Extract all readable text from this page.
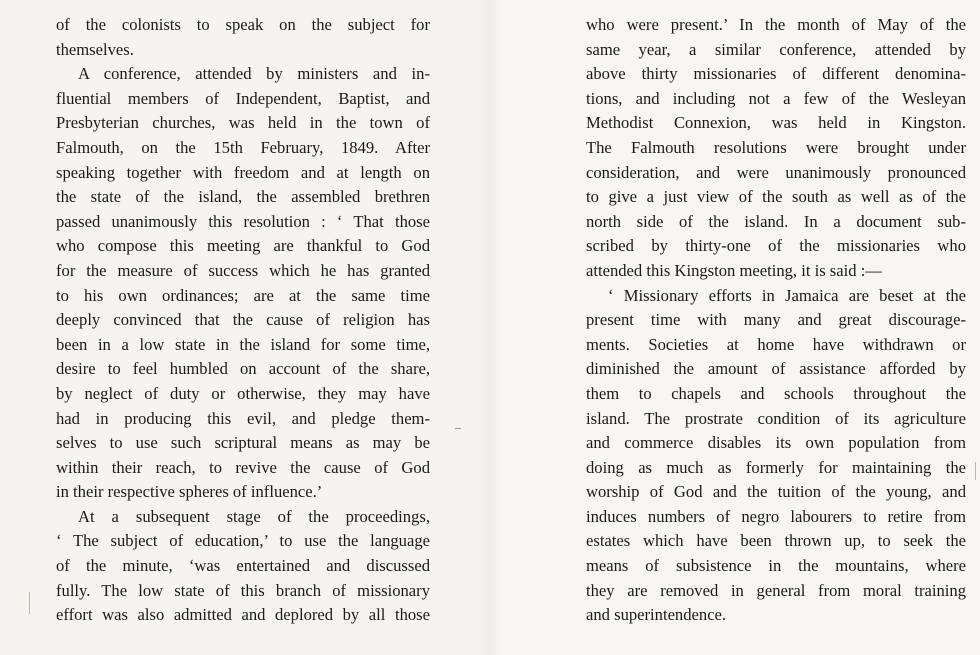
of the colonists to speak on the subject for
themselves.
A conference, attended by ministers and in-
fluential members of Independent, Baptist, and
Presbyterian churches, was held in the town of
Falmouth, on the 15th February, 1849. After
speaking together with freedom and at length on
the state of the island, the assembled brethren
passed unanimously this resolution : ‘ That those
who compose this meeting are thankful to God
for the measure of success which he has granted
to his own ordinances; are at the same time
deeply convinced that the cause of religion has
been in a low state in the island for some time,
desire to feel humbled on account of the share,
by neglect of duty or otherwise, they may have
had in producing this evil, and pledge them-
selves to use such scriptural means as may be
within their reach, to revive the cause of God
in their respective spheres of influence.’
At a subsequent stage of the proceedings,
‘ The subject of education,’ to use the language
of the minute, ‘was entertained and discussed
fully. The low state of this branch of missionary
effort was also admitted and deplored by all those
who were present.’ In the month of May of the
same year, a similar conference, attended by
above thirty missionaries of different denomina-
tions, and including not a few of the Wesleyan
Methodist Connexion, was held in Kingston.
The Falmouth resolutions were brought under
consideration, and were unanimously pronounced
to give a just view of the south as well as of the
north side of the island. In a document sub-
scribed by thirty-one of the missionaries who
attended this Kingston meeting, it is said :—
‘ Missionary efforts in Jamaica are beset at the
present time with many and great discourage-
ments. Societies at home have withdrawn or
diminished the amount of assistance afforded by
them to chapels and schools throughout the
island. The prostrate condition of its agriculture
and commerce disables its own population from
doing as much as formerly for maintaining the
worship of God and the tuition of the young, and
induces numbers of negro labourers to retire from
estates which have been thrown up, to seek the
means of subsistence in the mountains, where
they are removed in general from moral training
and superintendence.
